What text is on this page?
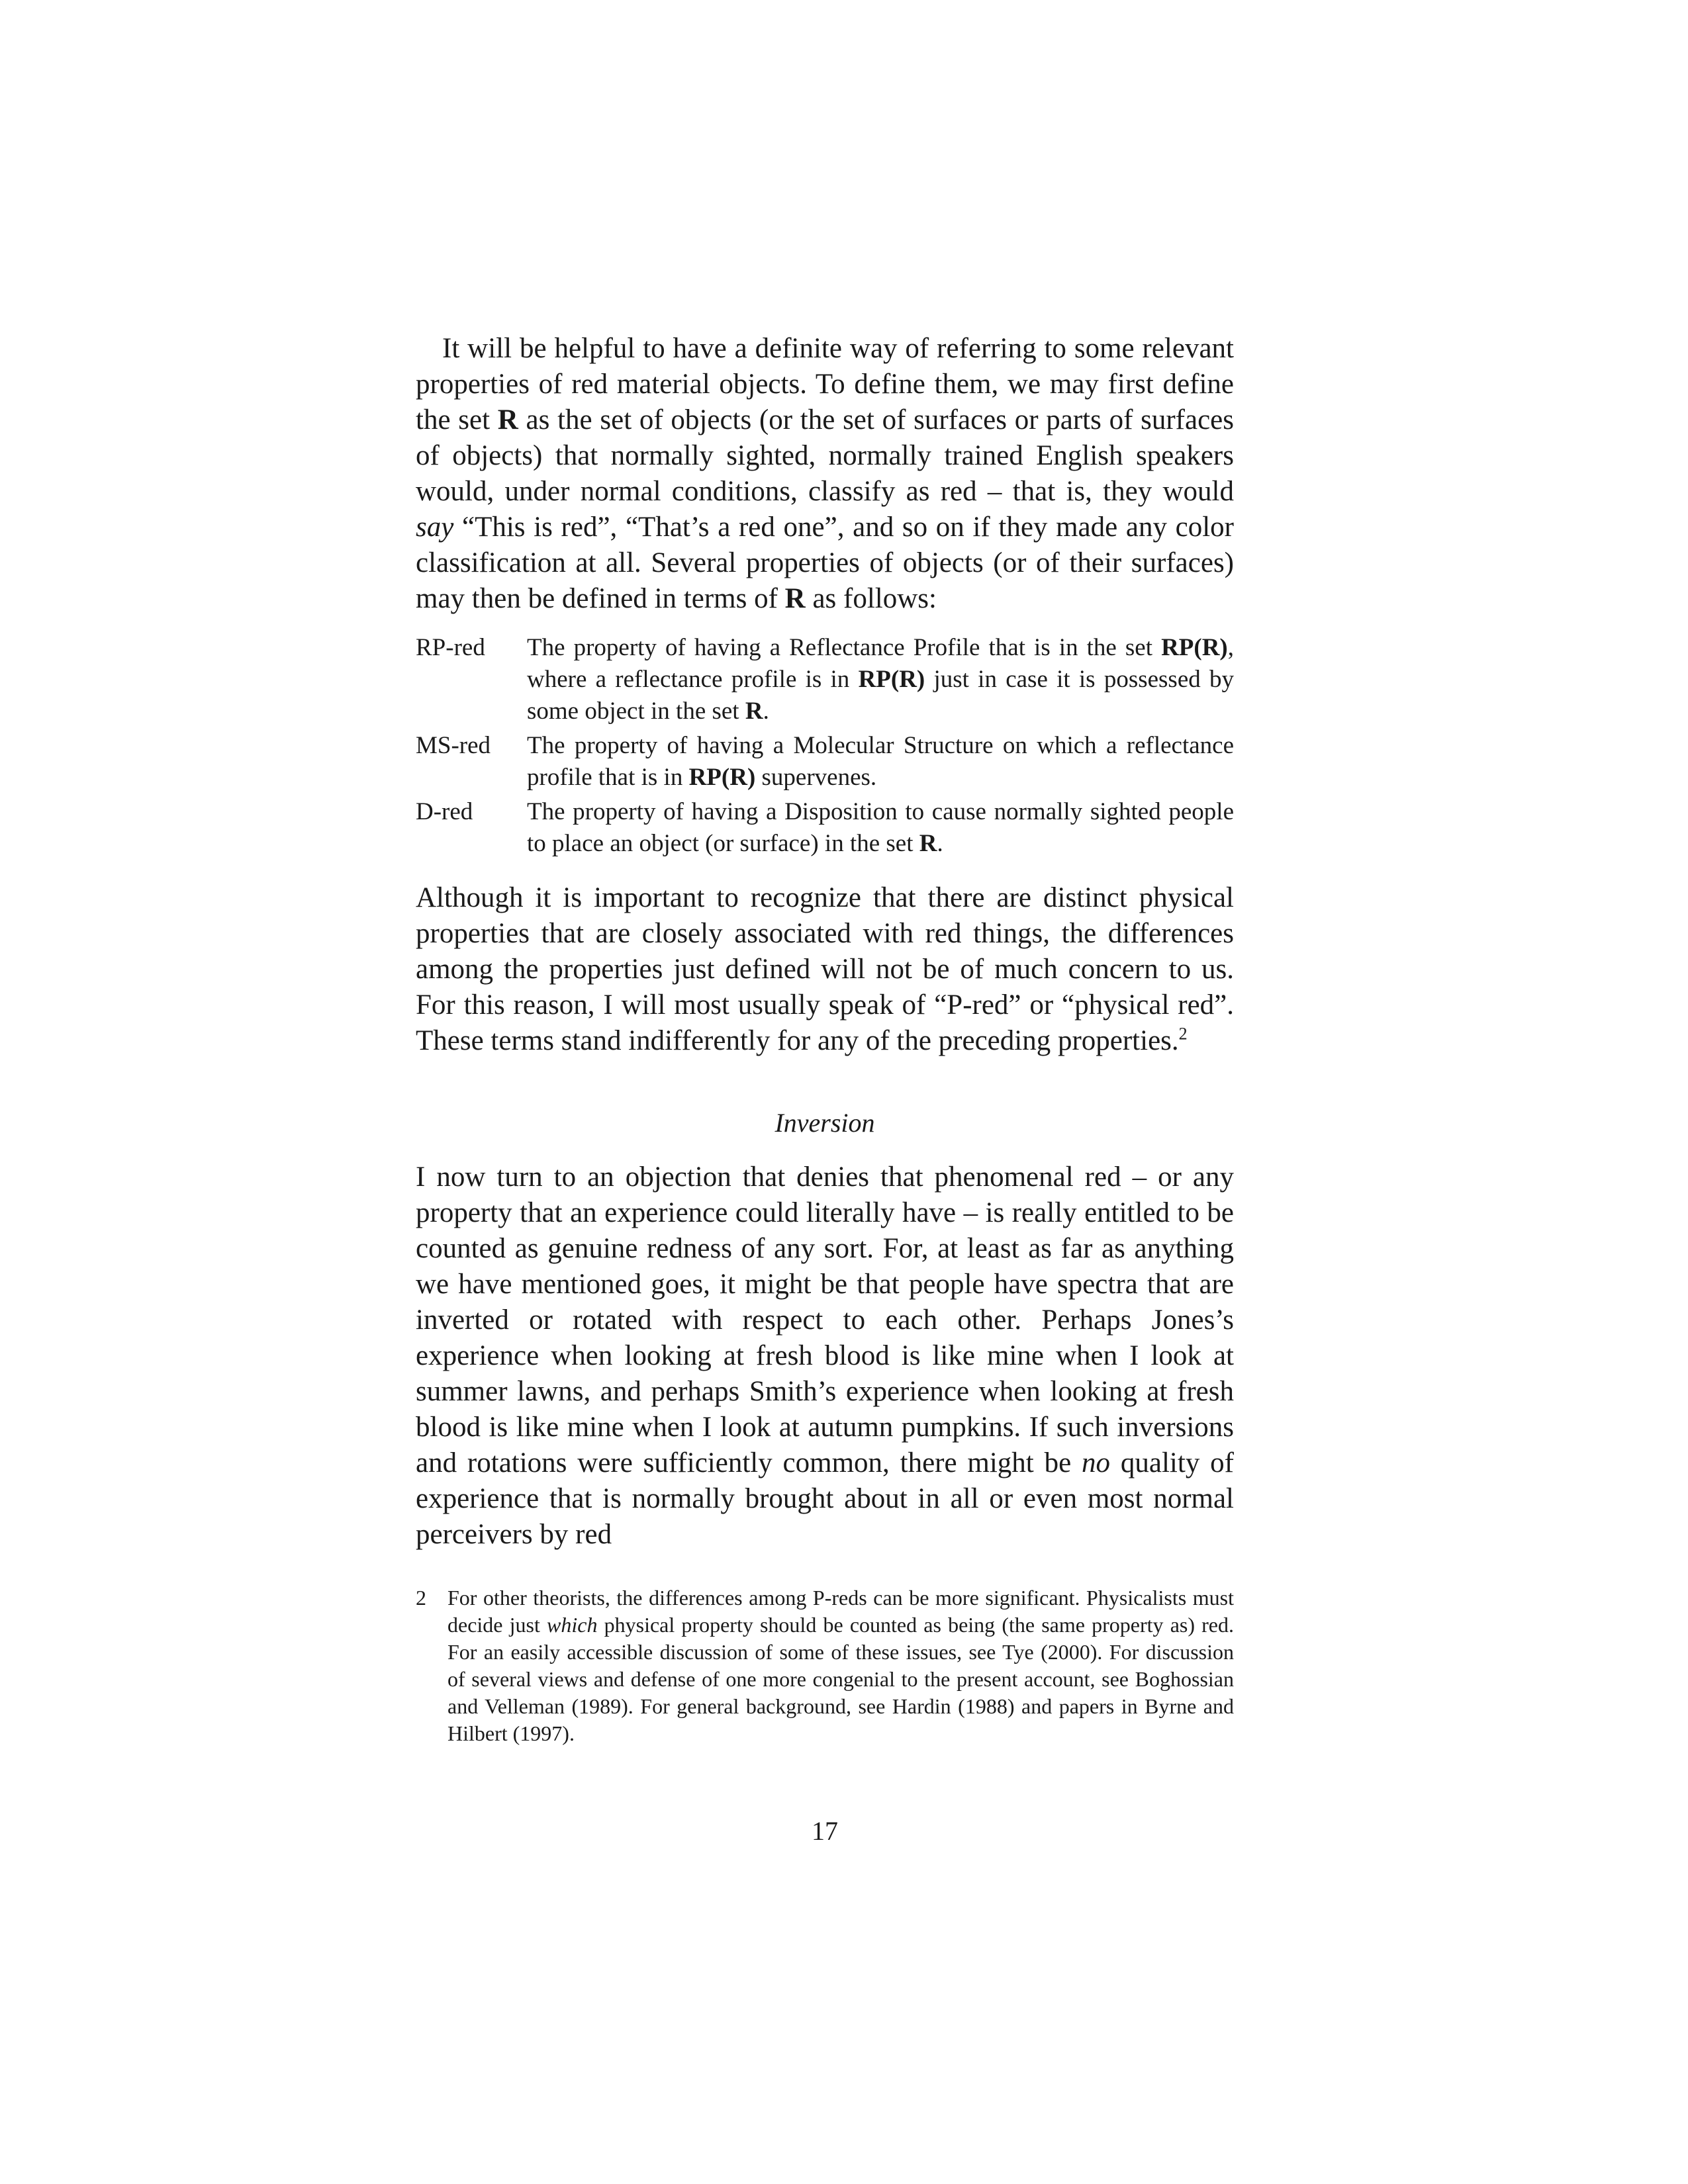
It will be helpful to have a definite way of referring to some relevant properties of red material objects. To define them, we may first define the set R as the set of objects (or the set of surfaces or parts of surfaces of objects) that normally sighted, normally trained English speakers would, under normal conditions, classify as red – that is, they would say “This is red”, “That’s a red one”, and so on if they made any color classification at all. Several properties of objects (or of their surfaces) may then be defined in terms of R as follows:

RP-red	The property of having a Reflectance Profile that is in the set RP(R), where a reflectance profile is in RP(R) just in case it is possessed by some object in the set R.
MS-red	The property of having a Molecular Structure on which a reflectance profile that is in RP(R) supervenes.
D-red	The property of having a Disposition to cause normally sighted people to place an object (or surface) in the set R.

Although it is important to recognize that there are distinct physical properties that are closely associated with red things, the differences among the properties just defined will not be of much concern to us. For this reason, I will most usually speak of “P-red” or “physical red”. These terms stand indifferently for any of the preceding properties.$^2$

Inversion

I now turn to an objection that denies that phenomenal red – or any property that an experience could literally have – is really entitled to be counted as genuine redness of any sort. For, at least as far as anything we have mentioned goes, it might be that people have spectra that are inverted or rotated with respect to each other. Perhaps Jones’s experience when looking at fresh blood is like mine when I look at summer lawns, and perhaps Smith’s experience when looking at fresh blood is like mine when I look at autumn pumpkins. If such inversions and rotations were sufficiently common, there might be no quality of experience that is normally brought about in all or even most normal perceivers by red

2 For other theorists, the differences among P-reds can be more significant. Physicalists must decide just which physical property should be counted as being (the same property as) red. For an easily accessible discussion of some of these issues, see Tye (2000). For discussion of several views and defense of one more congenial to the present account, see Boghossian and Velleman (1989). For general background, see Hardin (1988) and papers in Byrne and Hilbert (1997).
17
